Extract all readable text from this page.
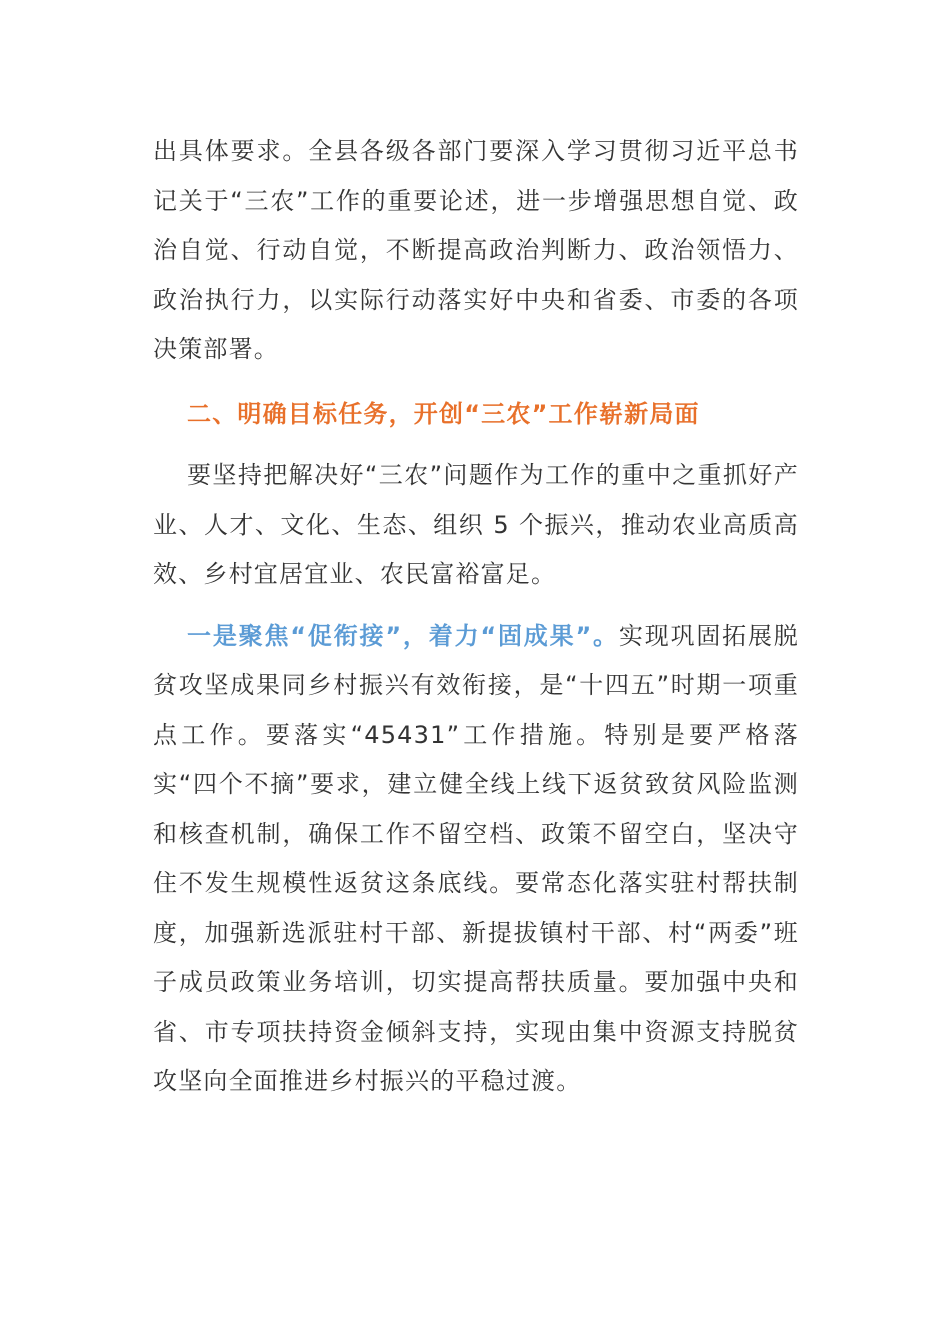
出具体要求。全县各级各部门要深入学习贯彻习近平总书记关于“三农”工作的重要论述，进一步增强思想自觉、政治自觉、行动自觉，不断提高政治判断力、政治领悟力、政治执行力，以实际行动落实好中央和省委、市委的各项决策部署。

二、明确目标任务，开创“三农”工作崭新局面

要坚持把解决好“三农”问题作为工作的重中之重抓好产业、人才、文化、生态、组织 5 个振兴，推动农业高质高效、乡村宜居宜业、农民富裕富足。

一是聚焦“促衔接”，着力“固成果”。实现巩固拓展脱贫攻坚成果同乡村振兴有效衔接，是“十四五”时期一项重点工作。要落实“45431”工作措施。特别是要严格落实“四个不摘”要求，建立健全线上线下返贫致贫风险监测和核查机制，确保工作不留空档、政策不留空白，坚决守住不发生规模性返贫这条底线。要常态化落实驻村帮扶制度，加强新选派驻村干部、新提拔镇村干部、村“两委”班子成员政策业务培训，切实提高帮扶质量。要加强中央和省、市专项扶持资金倾斜支持，实现由集中资源支持脱贫攻坚向全面推进乡村振兴的平稳过渡。
